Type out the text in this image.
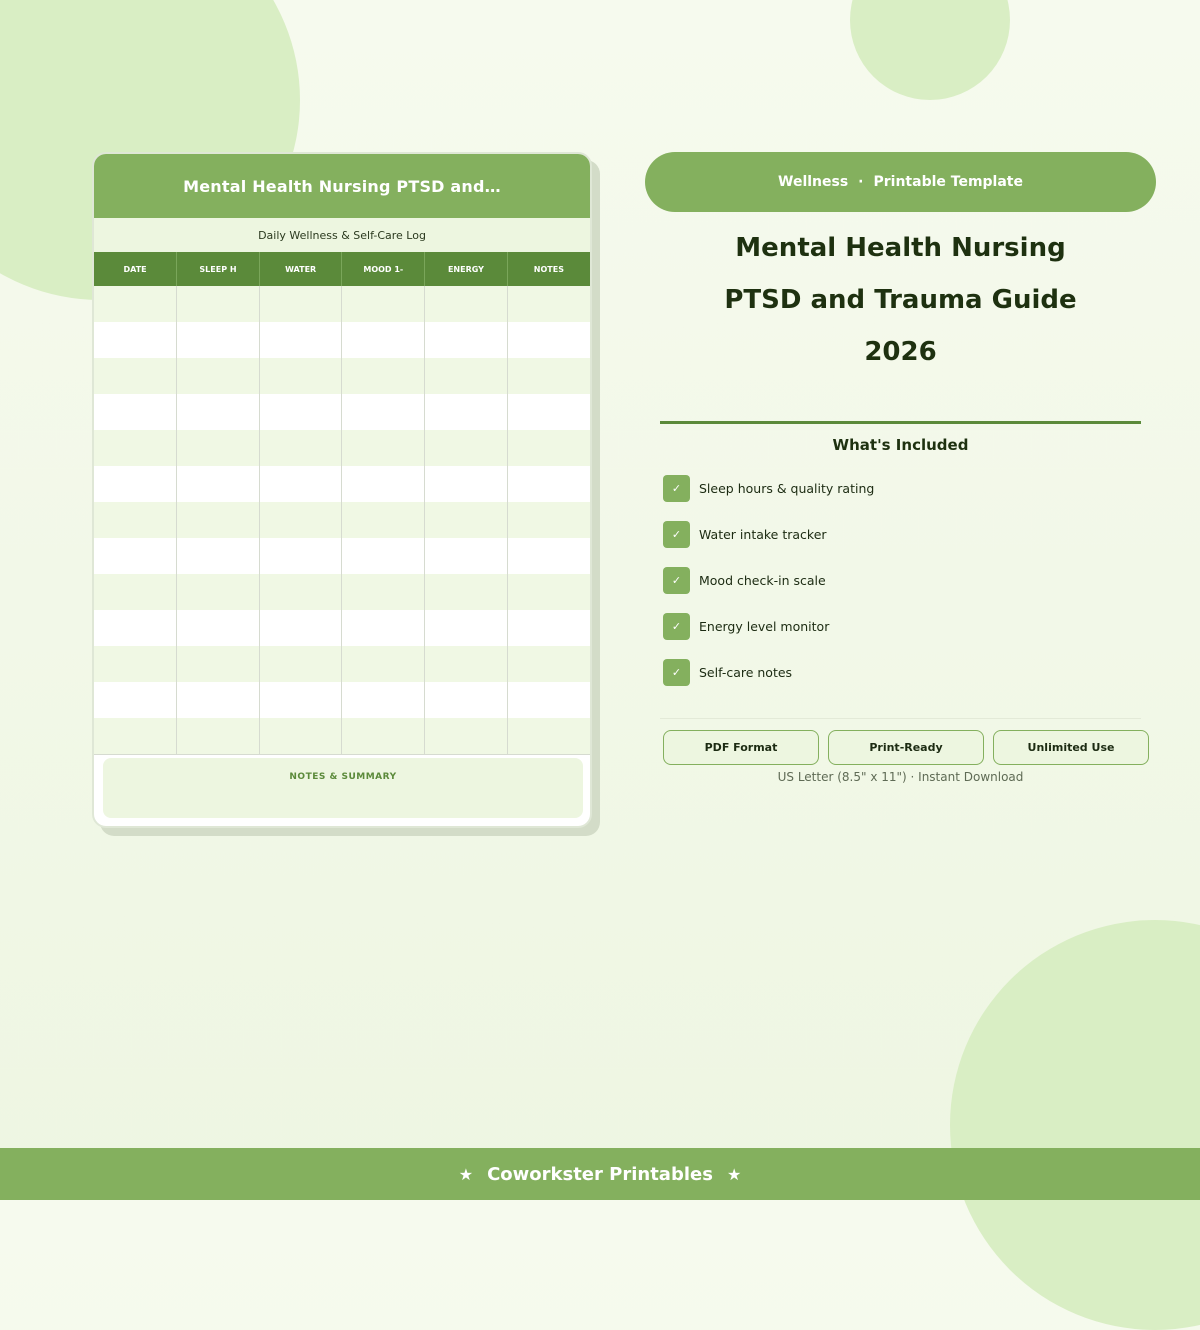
Mental Health Nursing PTSD and…
Daily Wellness & Self-Care Log
DATE	SLEEP H	WATER	MOOD 1-	ENERGY	NOTES

NOTES & SUMMARY
Wellness · Printable Template
Mental Health Nursing
PTSD and Trauma Guide
2026
What's Included
✓	Sleep hours & quality rating
✓	Water intake tracker
✓	Mood check-in scale
✓	Energy level monitor
✓	Self-care notes
PDF Format	Print-Ready	Unlimited Use
US Letter (8.5" x 11") · Instant Download
★ Coworkster Printables ★
